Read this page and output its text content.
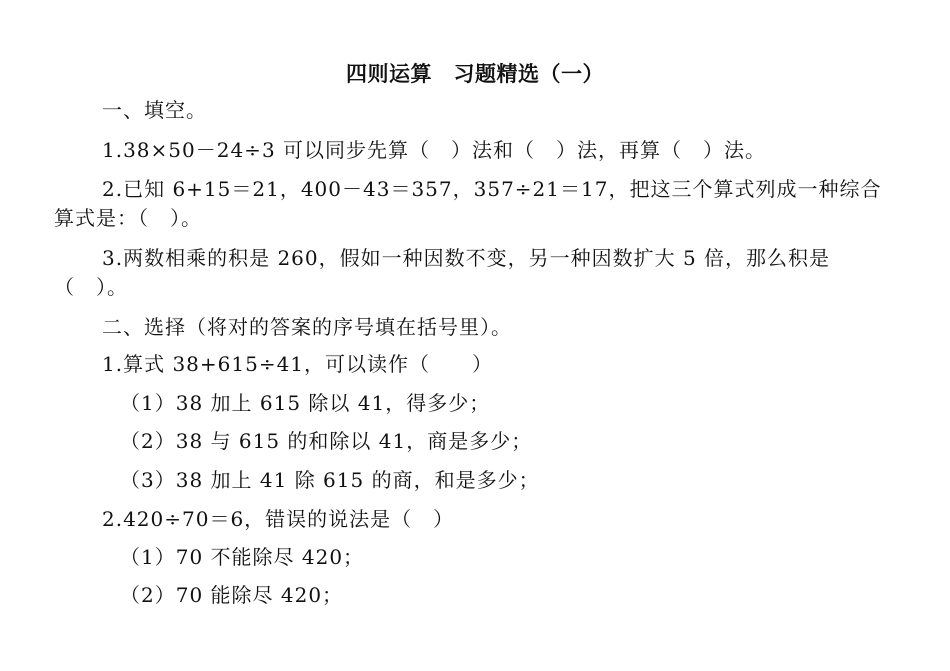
四则运算　习题精选（一）
一、填空。
1.38×50－24÷3 可以同步先算（　）法和（　）法，再算（　）法。
2.已知 6+15＝21，400－43＝357，357÷21＝17，把这三个算式列成一种综合
算式是：（　）。
3.两数相乘的积是 260，假如一种因数不变，另一种因数扩大 5 倍，那么积是
（　）。
二、选择（将对的答案的序号填在括号里）。
1.算式 38+615÷41，可以读作（　　）
（1）38 加上 615 除以 41，得多少；
（2）38 与 615 的和除以 41，商是多少；
（3）38 加上 41 除 615 的商，和是多少；
2.420÷70＝6，错误的说法是（　）
（1）70 不能除尽 420；
（2）70 能除尽 420；
